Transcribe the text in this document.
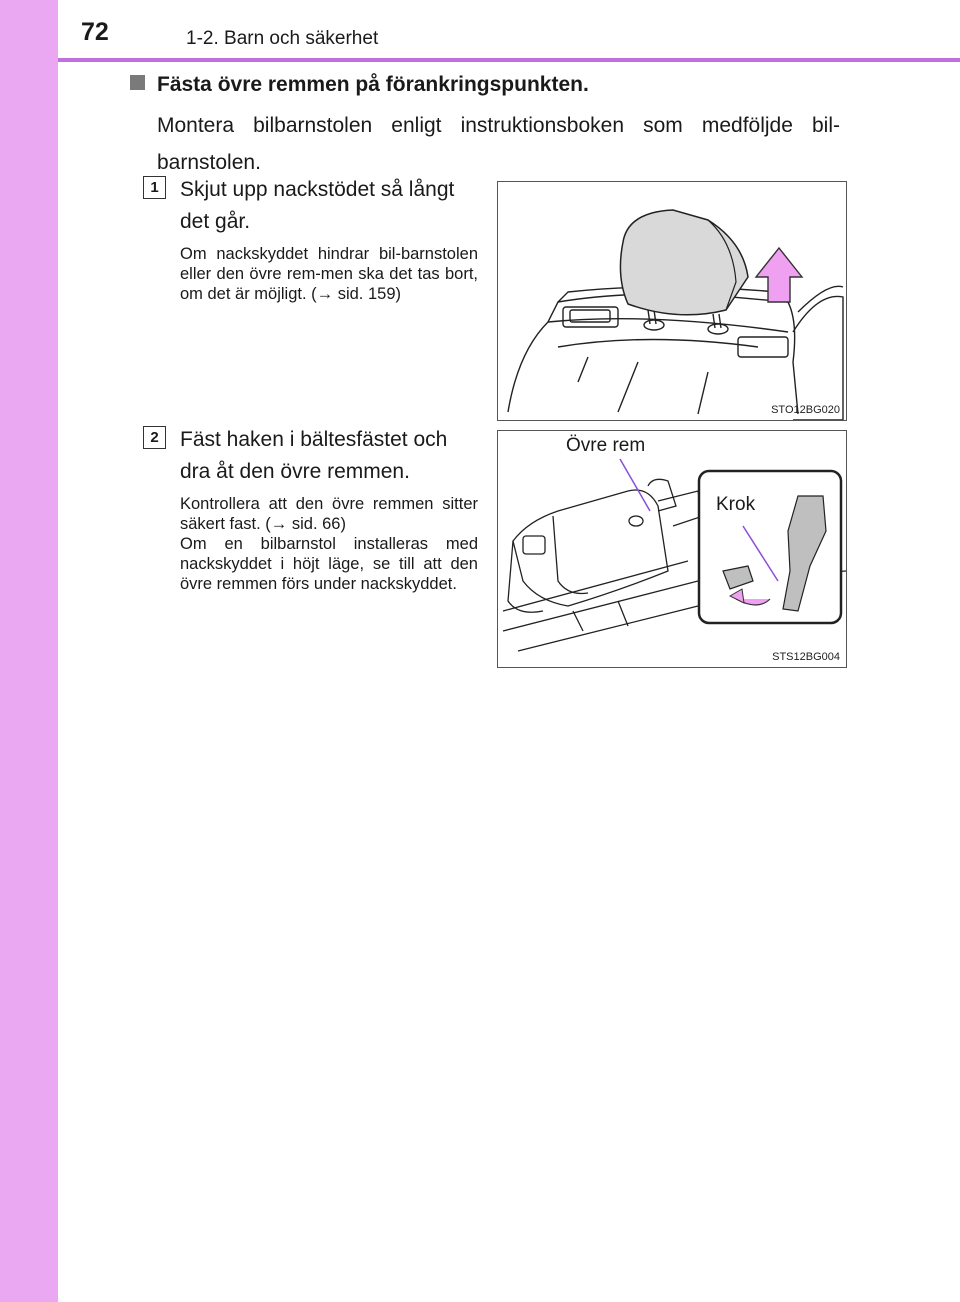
72	1-2. Barn och säkerhet
Fästa övre remmen på förankringspunkten.
Montera bilbarnstolen enligt instruktionsboken som medföljde bil-barnstolen.
1	Skjut upp nackstödet så långt det går.
Om nackskyddet hindrar bil-barnstolen eller den övre rem-men ska det tas bort, om det är möjligt. (→ sid. 159)
STO12BG020
2	Fäst haken i bältesfästet och dra åt den övre remmen.
Kontrollera att den övre remmen sitter säkert fast. (→ sid. 66)
Om en bilbarnstol installeras med nackskyddet i höjt läge, se till att den övre remmen förs under nackskyddet.
Övre rem
Krok
STS12BG004
